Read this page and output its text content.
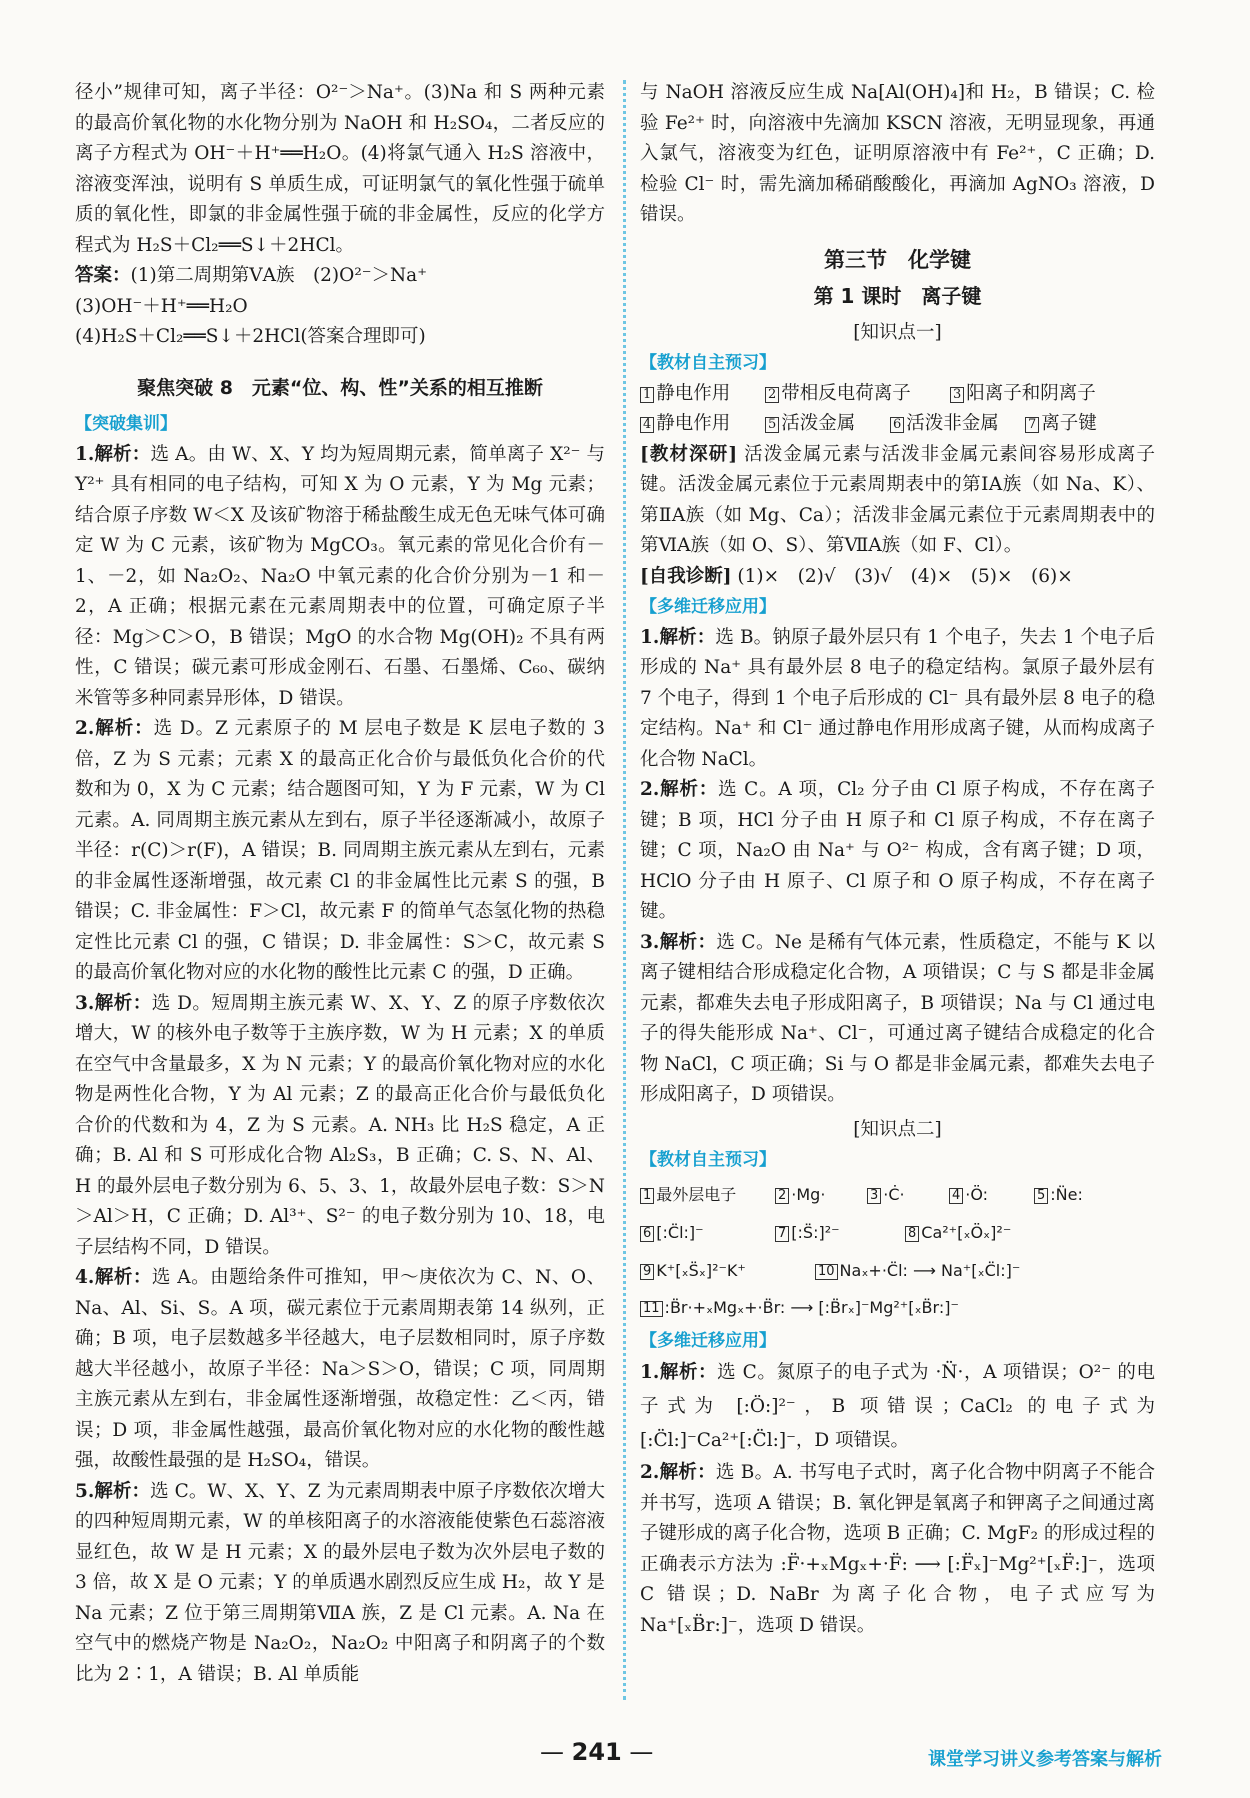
径小”规律可知，离子半径：O²⁻＞Na⁺。(3)Na 和 S 两种元素的最高价氧化物的水化物分别为 NaOH 和 H₂SO₄，二者反应的离子方程式为 OH⁻＋H⁺══H₂O。(4)将氯气通入 H₂S 溶液中，溶液变浑浊，说明有 S 单质生成，可证明氯气的氧化性强于硫单质的氧化性，即氯的非金属性强于硫的非金属性，反应的化学方程式为 H₂S＋Cl₂══S↓＋2HCl。

答案：(1)第二周期第ⅤA族　(2)O²⁻＞Na⁺

(3)OH⁻＋H⁺══H₂O

(4)H₂S＋Cl₂══S↓＋2HCl(答案合理即可)

聚焦突破 8　元素“位、构、性”关系的相互推断

【突破集训】

1.解析：选 A。由 W、X、Y 均为短周期元素，简单离子 X²⁻ 与 Y²⁺ 具有相同的电子结构，可知 X 为 O 元素，Y 为 Mg 元素；结合原子序数 W＜X 及该矿物溶于稀盐酸生成无色无味气体可确定 W 为 C 元素，该矿物为 MgCO₃。氧元素的常见化合价有－1、－2，如 Na₂O₂、Na₂O 中氧元素的化合价分别为－1 和－2，A 正确；根据元素在元素周期表中的位置，可确定原子半径：Mg＞C＞O，B 错误；MgO 的水合物 Mg(OH)₂ 不具有两性，C 错误；碳元素可形成金刚石、石墨、石墨烯、C₆₀、碳纳米管等多种同素异形体，D 错误。

2.解析：选 D。Z 元素原子的 M 层电子数是 K 层电子数的 3 倍，Z 为 S 元素；元素 X 的最高正化合价与最低负化合价的代数和为 0，X 为 C 元素；结合题图可知，Y 为 F 元素，W 为 Cl 元素。A. 同周期主族元素从左到右，原子半径逐渐减小，故原子半径：r(C)＞r(F)，A 错误；B. 同周期主族元素从左到右，元素的非金属性逐渐增强，故元素 Cl 的非金属性比元素 S 的强，B 错误；C. 非金属性：F＞Cl，故元素 F 的简单气态氢化物的热稳定性比元素 Cl 的强，C 错误；D. 非金属性：S＞C，故元素 S 的最高价氧化物对应的水化物的酸性比元素 C 的强，D 正确。

3.解析：选 D。短周期主族元素 W、X、Y、Z 的原子序数依次增大，W 的核外电子数等于主族序数，W 为 H 元素；X 的单质在空气中含量最多，X 为 N 元素；Y 的最高价氧化物对应的水化物是两性化合物，Y 为 Al 元素；Z 的最高正化合价与最低负化合价的代数和为 4，Z 为 S 元素。A. NH₃ 比 H₂S 稳定，A 正确；B. Al 和 S 可形成化合物 Al₂S₃，B 正确；C. S、N、Al、H 的最外层电子数分别为 6、5、3、1，故最外层电子数：S＞N＞Al＞H，C 正确；D. Al³⁺、S²⁻ 的电子数分别为 10、18，电子层结构不同，D 错误。

4.解析：选 A。由题给条件可推知，甲～庚依次为 C、N、O、Na、Al、Si、S。A 项，碳元素位于元素周期表第 14 纵列，正确；B 项，电子层数越多半径越大，电子层数相同时，原子序数越大半径越小，故原子半径：Na＞S＞O，错误；C 项，同周期主族元素从左到右，非金属性逐渐增强，故稳定性：乙＜丙，错误；D 项，非金属性越强，最高价氧化物对应的水化物的酸性越强，故酸性最强的是 H₂SO₄，错误。

5.解析：选 C。W、X、Y、Z 为元素周期表中原子序数依次增大的四种短周期元素，W 的单核阳离子的水溶液能使紫色石蕊溶液显红色，故 W 是 H 元素；X 的最外层电子数为次外层电子数的 3 倍，故 X 是 O 元素；Y 的单质遇水剧烈反应生成 H₂，故 Y 是 Na 元素；Z 位于第三周期第ⅦA 族，Z 是 Cl 元素。A. Na 在空气中的燃烧产物是 Na₂O₂，Na₂O₂ 中阳离子和阴离子的个数比为 2∶1，A 错误；B. Al 单质能

与 NaOH 溶液反应生成 Na[Al(OH)₄]和 H₂，B 错误；C. 检验 Fe²⁺ 时，向溶液中先滴加 KSCN 溶液，无明显现象，再通入氯气，溶液变为红色，证明原溶液中有 Fe²⁺，C 正确；D. 检验 Cl⁻ 时，需先滴加稀硝酸酸化，再滴加 AgNO₃ 溶液，D 错误。

第三节　化学键

第 1 课时　离子键

[知识点一]

【教材自主预习】

1 静电作用	2 带相反电荷离子	3 阳离子和阴离子

4 静电作用	5 活泼金属	6 活泼非金属 7 离子键

[教材深研] 活泼金属元素与活泼非金属元素间容易形成离子键。活泼金属元素位于元素周期表中的第ⅠA族（如 Na、K）、第ⅡA族（如 Mg、Ca）；活泼非金属元素位于元素周期表中的第ⅥA族（如 O、S）、第ⅦA族（如 F、Cl）。

[自我诊断] (1)×　(2)√　(3)√　(4)×　(5)×　(6)×

【多维迁移应用】

1.解析：选 B。钠原子最外层只有 1 个电子，失去 1 个电子后形成的 Na⁺ 具有最外层 8 电子的稳定结构。氯原子最外层有 7 个电子，得到 1 个电子后形成的 Cl⁻ 具有最外层 8 电子的稳定结构。Na⁺ 和 Cl⁻ 通过静电作用形成离子键，从而构成离子化合物 NaCl。

2.解析：选 C。A 项，Cl₂ 分子由 Cl 原子构成，不存在离子键；B 项，HCl 分子由 H 原子和 Cl 原子构成，不存在离子键；C 项，Na₂O 由 Na⁺ 与 O²⁻ 构成，含有离子键；D 项，HClO 分子由 H 原子、Cl 原子和 O 原子构成，不存在离子键。

3.解析：选 C。Ne 是稀有气体元素，性质稳定，不能与 K 以离子键相结合形成稳定化合物，A 项错误；C 与 S 都是非金属元素，都难失去电子形成阳离子，B 项错误；Na 与 Cl 通过电子的得失能形成 Na⁺、Cl⁻，可通过离子键结合成稳定的化合物 NaCl，C 项正确；Si 与 O 都是非金属元素，都难失去电子形成阳离子，D 项错误。

[知识点二]

【教材自主预习】

1 最外层电子	2 ·Mg·	3 ·Ċ·	4 ·Ö:	5 :N̈e:

6 [:C̈l:]⁻	7 [:S̈:]²⁻	8 Ca²⁺[ₓÖₓ]²⁻

9 K⁺[ₓS̈ₓ]²⁻K⁺	10 Naₓ+·C̈l: ⟶ Na⁺[ₓC̈l:]⁻

11 :B̈r·+ₓMgₓ+·B̈r: ⟶ [:B̈rₓ]⁻Mg²⁺[ₓB̈r:]⁻

【多维迁移应用】

1.解析：选 C。氮原子的电子式为 ·N̈·，A 项错误；O²⁻ 的电子式为 [:Ö:]²⁻，B 项错误；CaCl₂ 的电子式为 [:C̈l:]⁻Ca²⁺[:C̈l:]⁻，D 项错误。

2.解析：选 B。A. 书写电子式时，离子化合物中阴离子不能合并书写，选项 A 错误；B. 氧化钾是氧离子和钾离子之间通过离子键形成的离子化合物，选项 B 正确；C. MgF₂ 的形成过程的正确表示方法为 :F̈·+ₓMgₓ+·F̈: ⟶ [:F̈ₓ]⁻Mg²⁺[ₓF̈:]⁻，选项 C 错误；D. NaBr 为离子化合物，电子式应写为 Na⁺[ₓB̈r:]⁻，选项 D 错误。

— 241 —	课堂学习讲义参考答案与解析
